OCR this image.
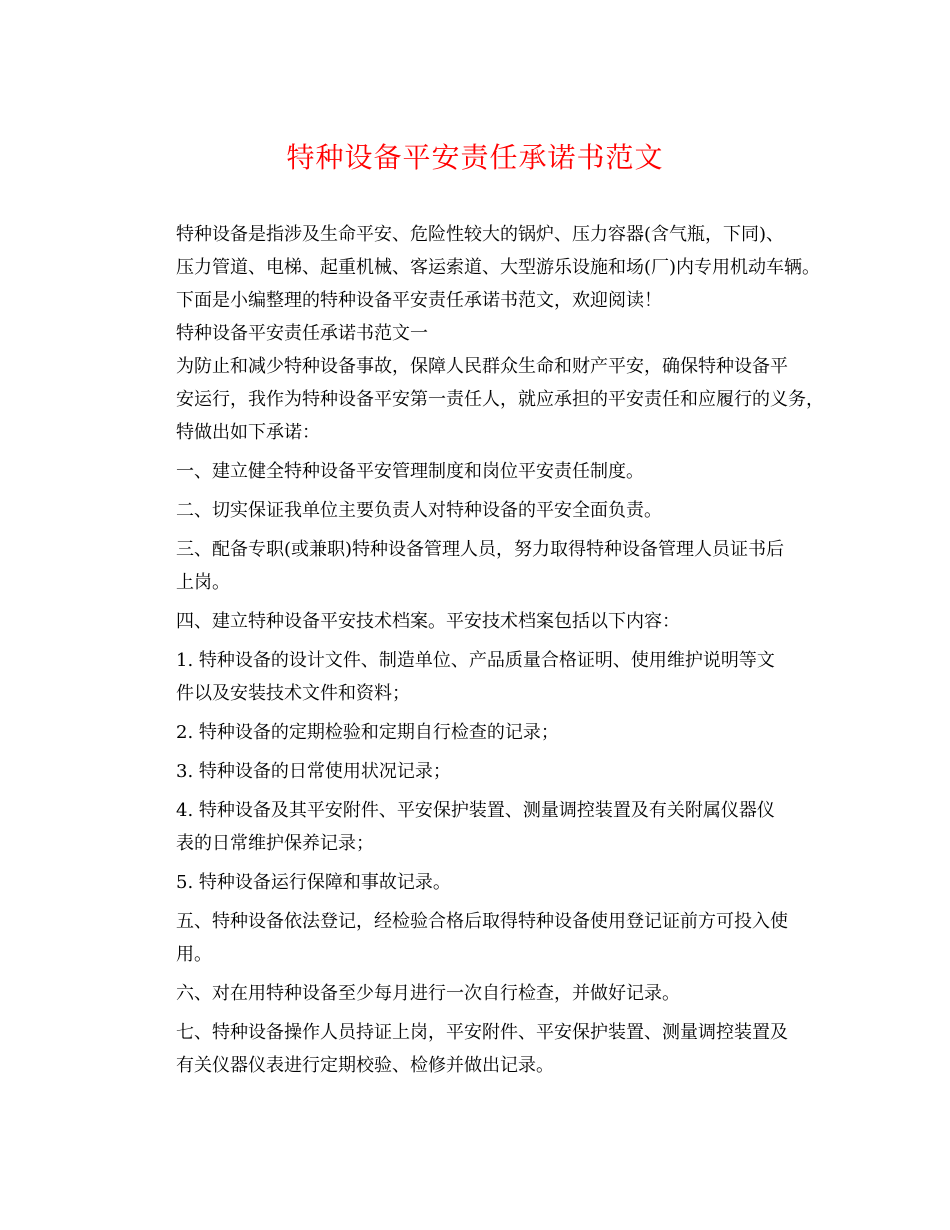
特种设备平安责任承诺书范文
特种设备是指涉及生命平安、危险性较大的锅炉、压力容器(含气瓶，下同)、
压力管道、电梯、起重机械、客运索道、大型游乐设施和场(厂)内专用机动车辆。
下面是小编整理的特种设备平安责任承诺书范文，欢迎阅读！
特种设备平安责任承诺书范文一
为防止和减少特种设备事故，保障人民群众生命和财产平安，确保特种设备平
安运行，我作为特种设备平安第一责任人，就应承担的平安责任和应履行的义务，
特做出如下承诺：
一、建立健全特种设备平安管理制度和岗位平安责任制度。
二、切实保证我单位主要负责人对特种设备的平安全面负责。
三、配备专职(或兼职)特种设备管理人员，努力取得特种设备管理人员证书后
上岗。
四、建立特种设备平安技术档案。平安技术档案包括以下内容：
1. 特种设备的设计文件、制造单位、产品质量合格证明、使用维护说明等文
件以及安装技术文件和资料；
2. 特种设备的定期检验和定期自行检查的记录；
3. 特种设备的日常使用状况记录；
4. 特种设备及其平安附件、平安保护装置、测量调控装置及有关附属仪器仪
表的日常维护保养记录；
5. 特种设备运行保障和事故记录。
五、特种设备依法登记，经检验合格后取得特种设备使用登记证前方可投入使
用。
六、对在用特种设备至少每月进行一次自行检查，并做好记录。
七、特种设备操作人员持证上岗，平安附件、平安保护装置、测量调控装置及
有关仪器仪表进行定期校验、检修并做出记录。
